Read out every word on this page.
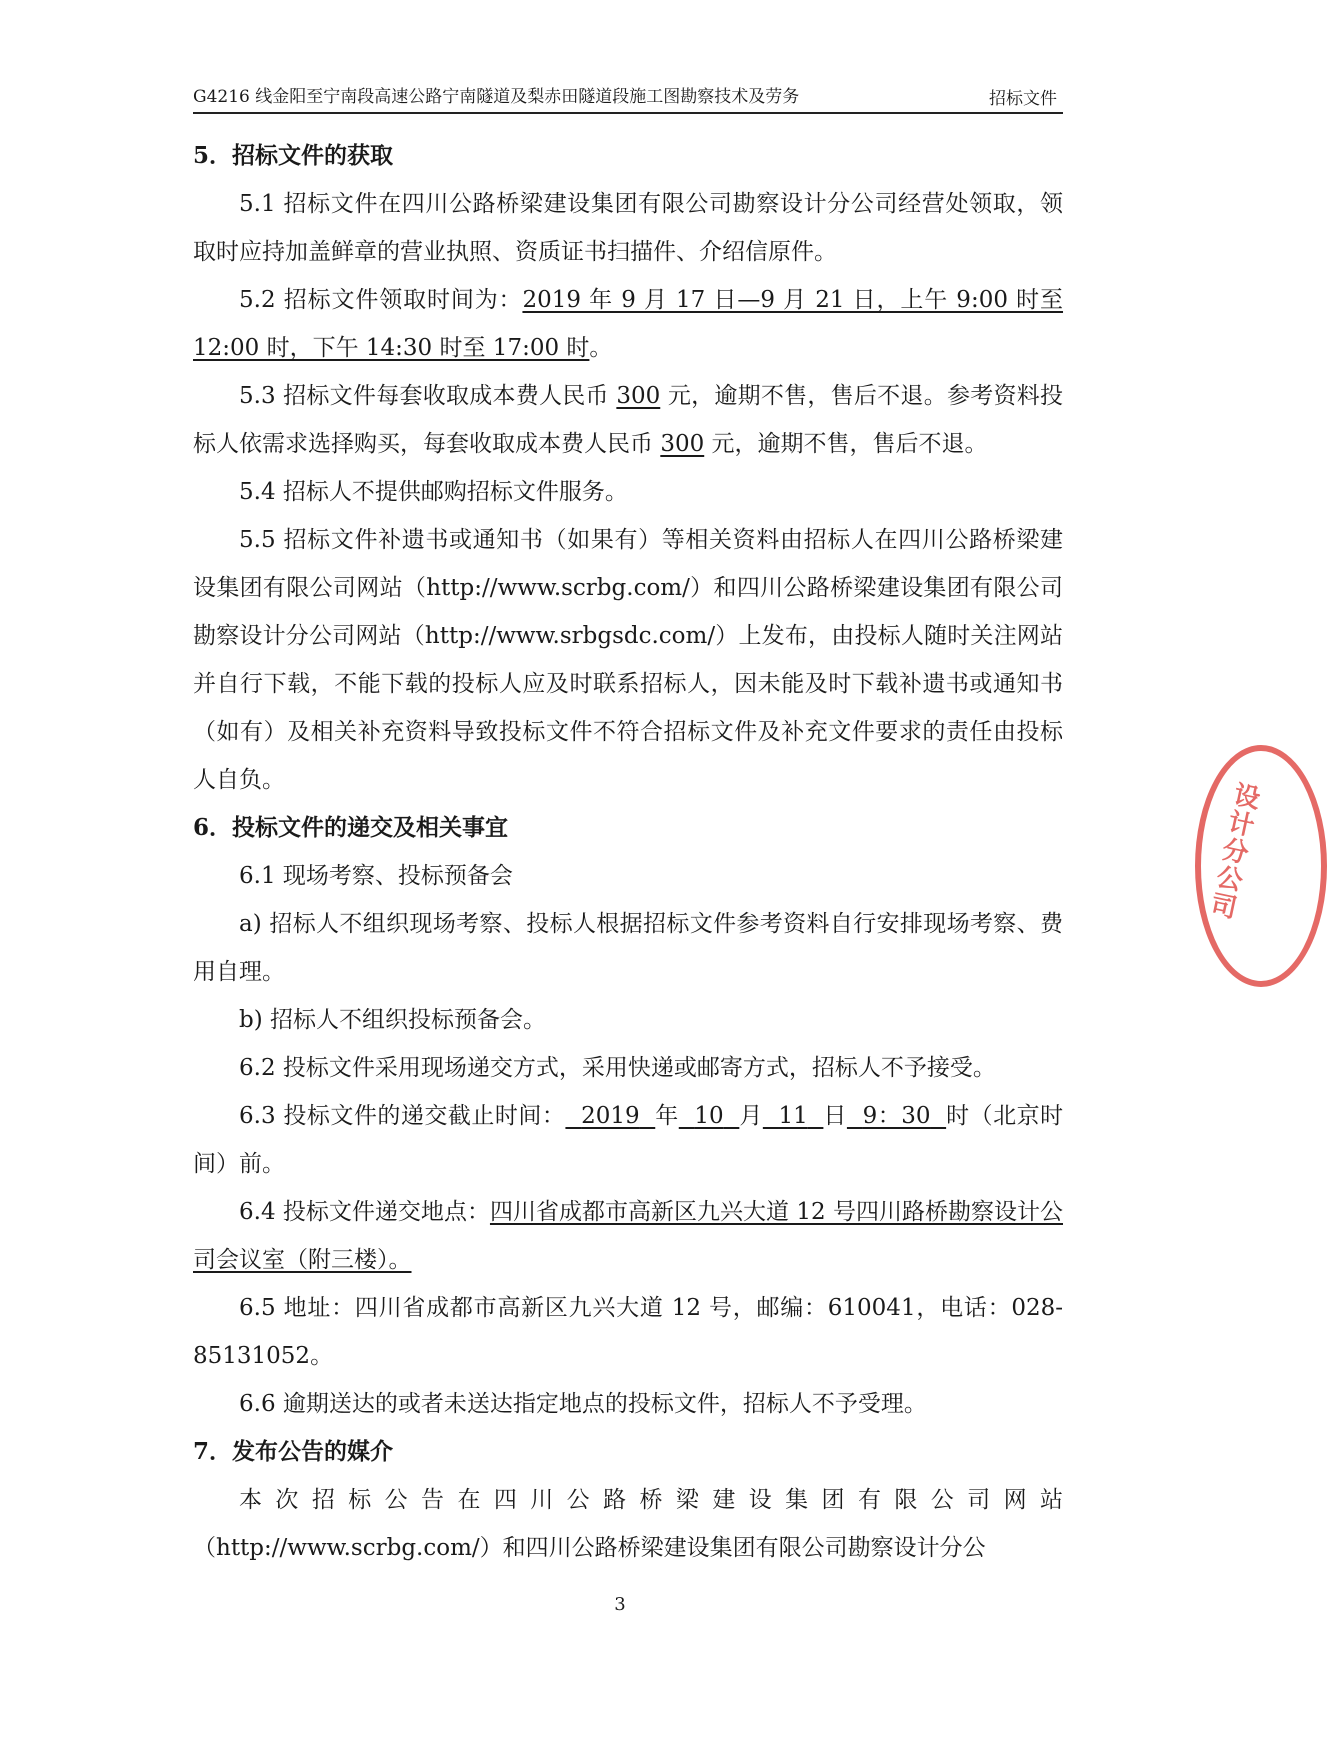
G4216 线金阳至宁南段高速公路宁南隧道及梨赤田隧道段施工图勘察技术及劳务	招标文件

5．招标文件的获取

5.1 招标文件在四川公路桥梁建设集团有限公司勘察设计分公司经营处领取，领取时应持加盖鲜章的营业执照、资质证书扫描件、介绍信原件。

5.2 招标文件领取时间为：2019 年 9 月 17 日—9 月 21 日，上午 9:00 时至 12:00 时，下午 14:30 时至 17:00 时。

5.3 招标文件每套收取成本费人民币 300 元，逾期不售，售后不退。参考资料投标人依需求选择购买，每套收取成本费人民币 300 元，逾期不售，售后不退。

5.4 招标人不提供邮购招标文件服务。

5.5 招标文件补遗书或通知书（如果有）等相关资料由招标人在四川公路桥梁建设集团有限公司网站（http://www.scrbg.com/）和四川公路桥梁建设集团有限公司勘察设计分公司网站（http://www.srbgsdc.com/）上发布，由投标人随时关注网站并自行下载，不能下载的投标人应及时联系招标人，因未能及时下载补遗书或通知书（如有）及相关补充资料导致投标文件不符合招标文件及补充文件要求的责任由投标人自负。

6．投标文件的递交及相关事宜

6.1 现场考察、投标预备会

a) 招标人不组织现场考察、投标人根据招标文件参考资料自行安排现场考察、费用自理。

b) 招标人不组织投标预备会。

6.2 投标文件采用现场递交方式，采用快递或邮寄方式，招标人不予接受。

6.3 投标文件的递交截止时间： 2019 年 10 月 11 日 9：30 时（北京时间）前。

6.4 投标文件递交地点：四川省成都市高新区九兴大道 12 号四川路桥勘察设计公司会议室（附三楼）。

6.5 地址：四川省成都市高新区九兴大道 12 号，邮编：610041，电话：028-85131052。

6.6 逾期送达的或者未送达指定地点的投标文件，招标人不予受理。

7．发布公告的媒介

本次招标公告在四川公路桥梁建设集团有限公司网站（http://www.scrbg.com/）和四川公路桥梁建设集团有限公司勘察设计分公

3
设计分公司
